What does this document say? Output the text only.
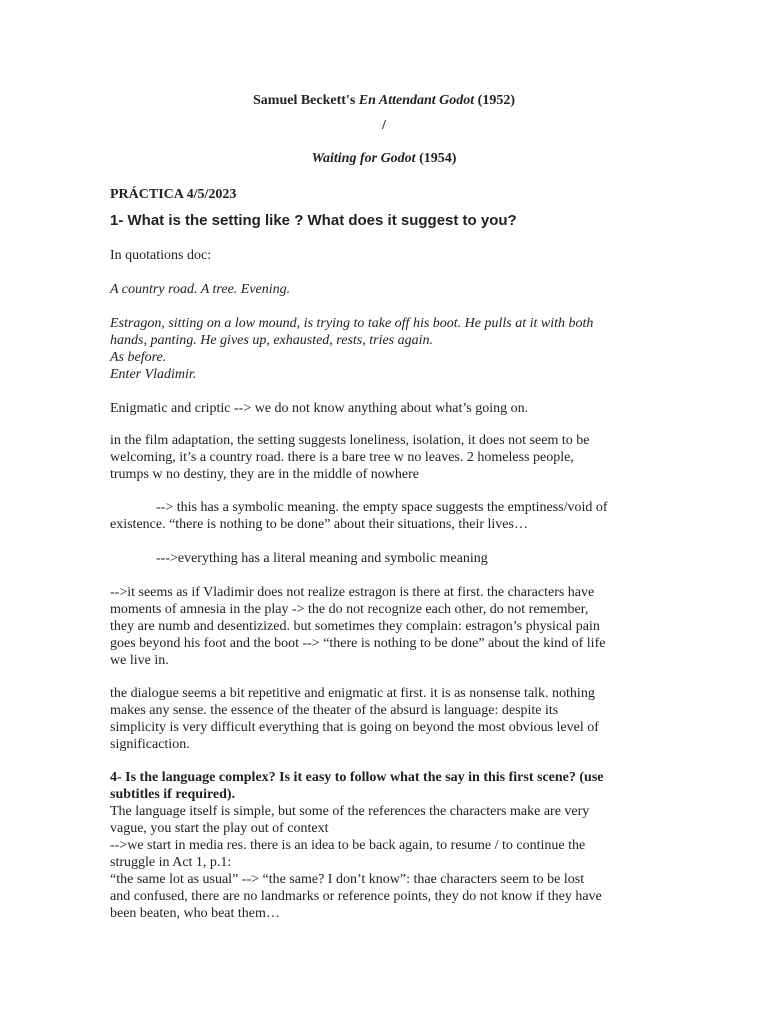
Samuel Beckett's En Attendant Godot (1952)
/
Waiting for Godot (1954)
PRÁCTICA 4/5/2023
1- What is the setting like ? What does it suggest to you?
In quotations doc:
A country road. A tree. Evening.
Estragon, sitting on a low mound, is trying to take off his boot. He pulls at it with both
hands, panting. He gives up, exhausted, rests, tries again.
As before.
Enter Vladimir.
Enigmatic and criptic --> we do not know anything about what’s going on.
in the film adaptation, the setting suggests loneliness, isolation, it does not seem to be
welcoming, it’s a country road. there is a bare tree w no leaves. 2 homeless people,
trumps w no destiny, they are in the middle of nowhere
--> this has a symbolic meaning. the empty space suggests the emptiness/void of
existence. “there is nothing to be done” about their situations, their lives…
--->everything has a literal meaning and symbolic meaning
-->it seems as if Vladimir does not realize estragon is there at first. the characters have
moments of amnesia in the play -> the do not recognize each other, do not remember,
they are numb and desentizized. but sometimes they complain: estragon’s physical pain
goes beyond his foot and the boot --> “there is nothing to be done” about the kind of life
we live in.
the dialogue seems a bit repetitive and enigmatic at first. it is as nonsense talk. nothing
makes any sense. the essence of the theater of the absurd is language: despite its
simplicity is very difficult everything that is going on beyond the most obvious level of
significaction.
4- Is the language complex? Is it easy to follow what the say in this first scene? (use
subtitles if required).
The language itself is simple, but some of the references the characters make are very
vague, you start the play out of context
-->we start in media res. there is an idea to be back again, to resume / to continue the
struggle in Act 1, p.1:
“the same lot as usual” --> “the same? I don’t know”: thae characters seem to be lost
and confused, there are no landmarks or reference points, they do not know if they have
been beaten, who beat them…
